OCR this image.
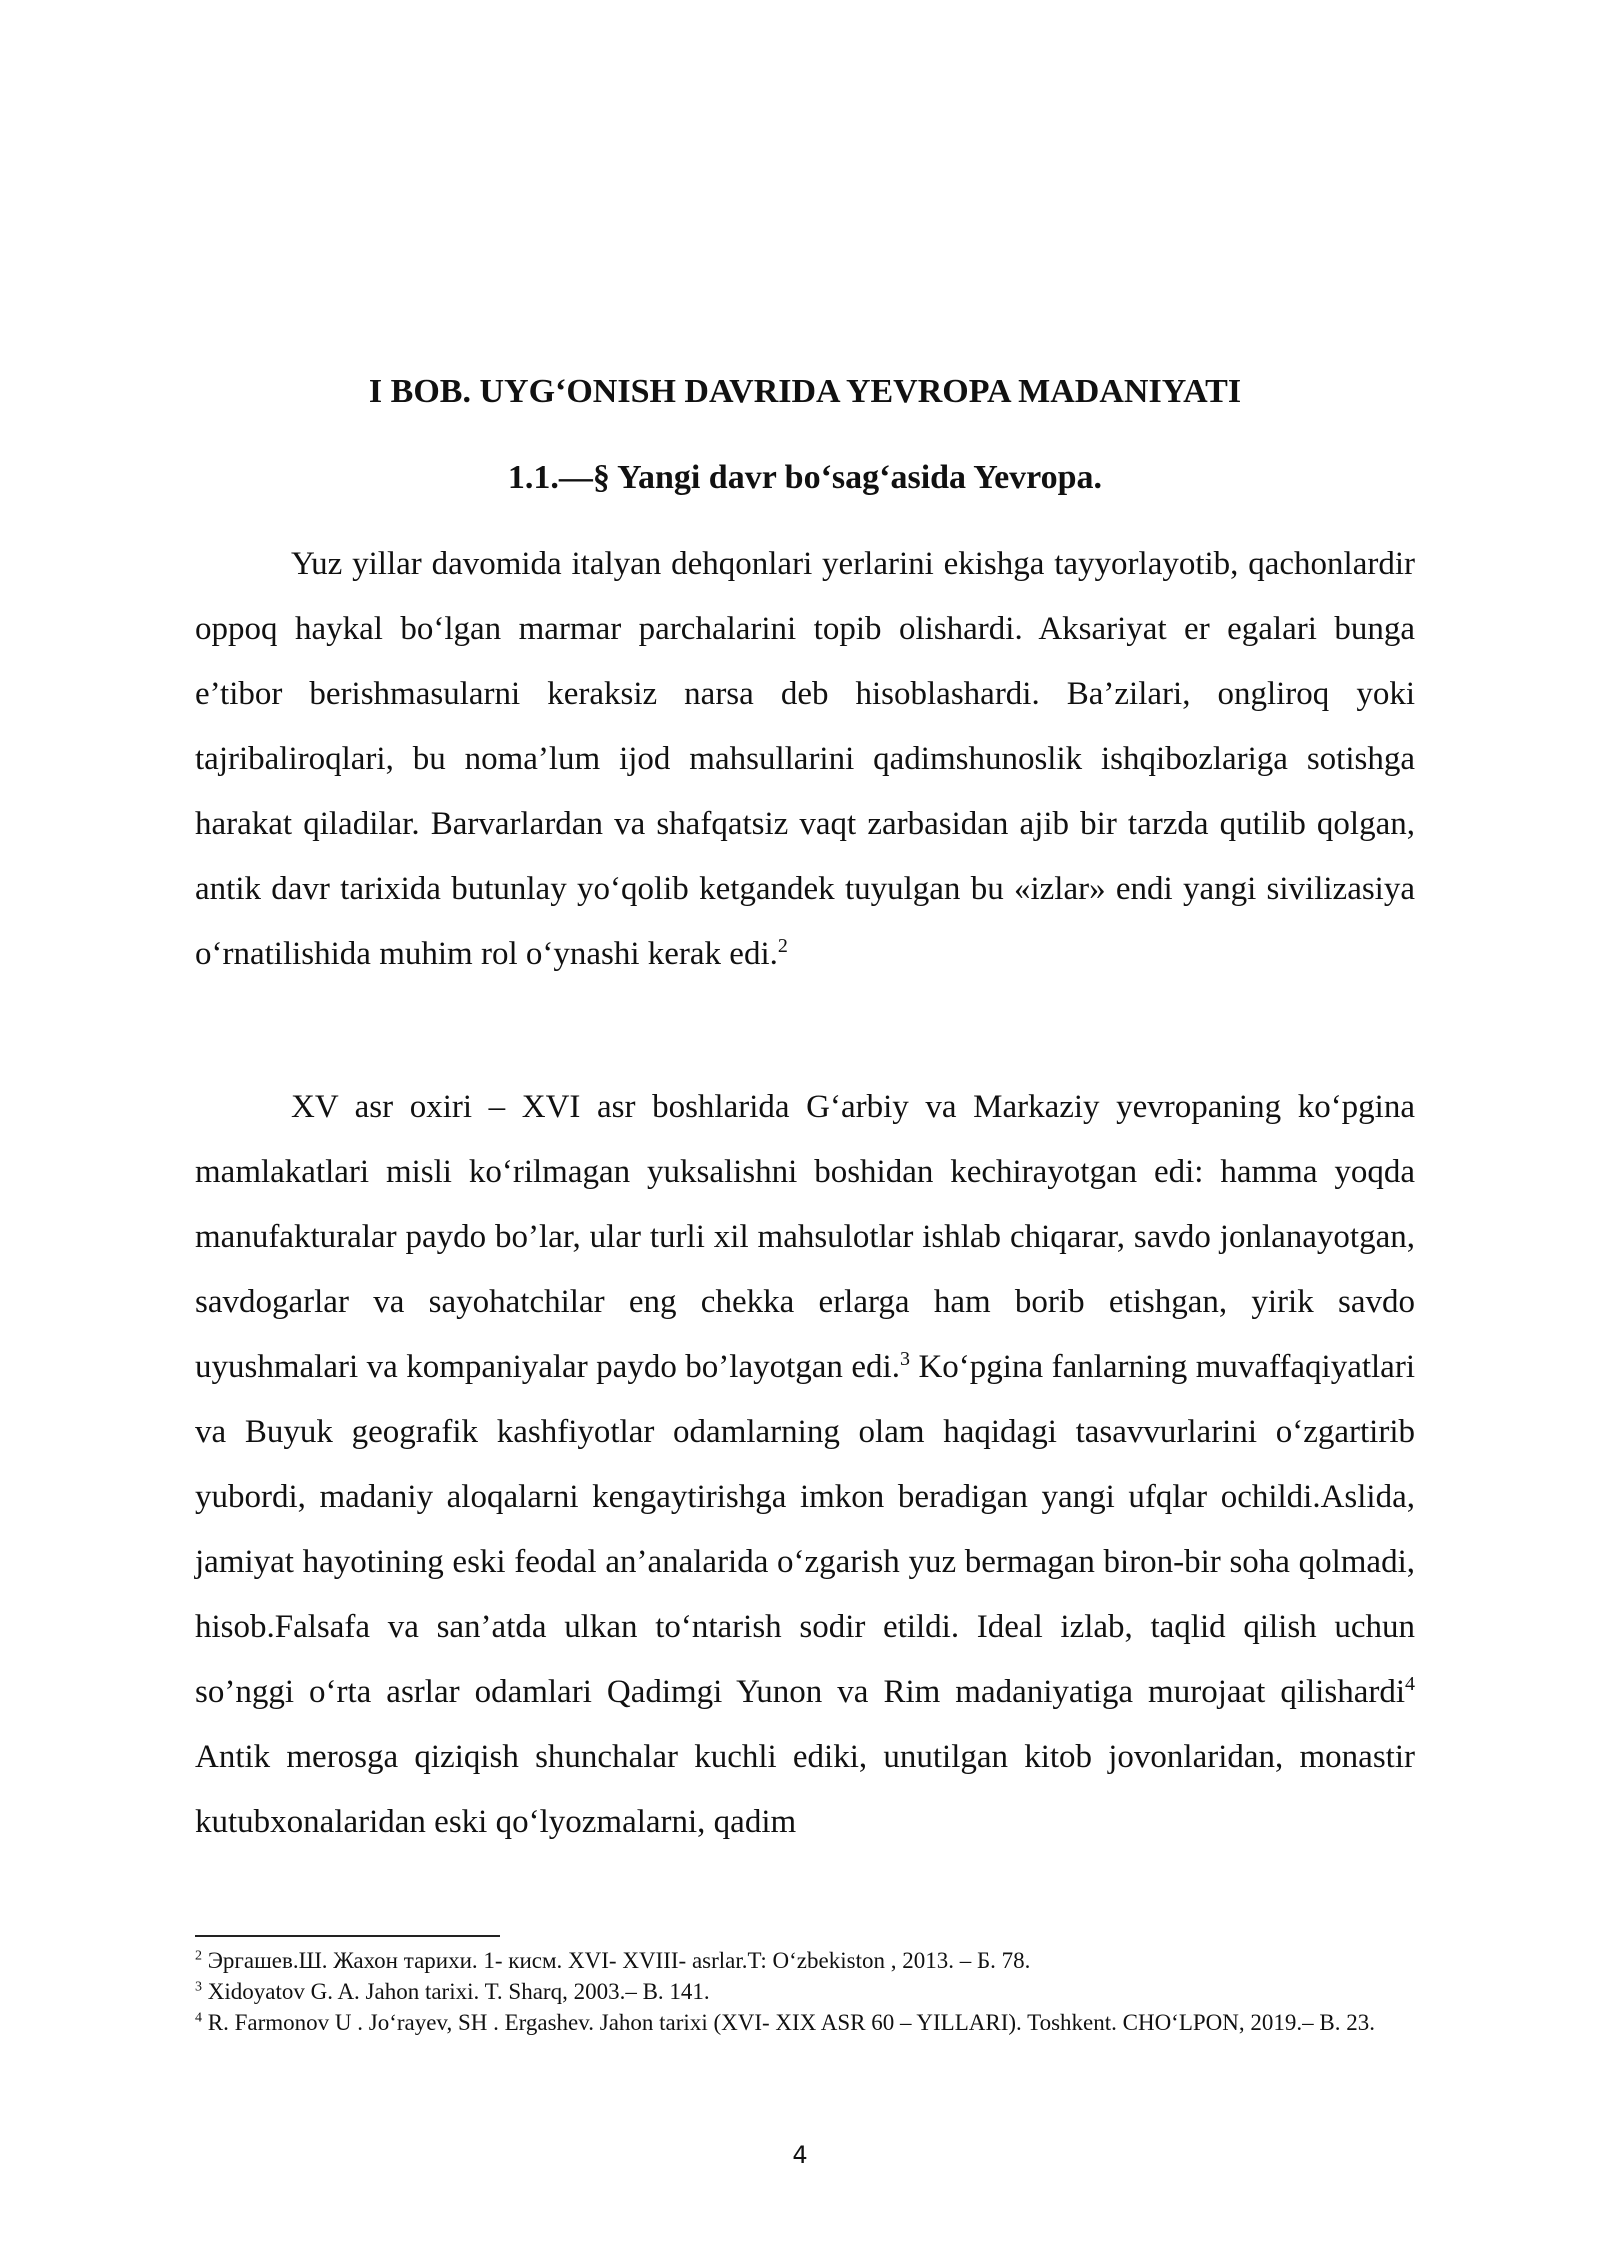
I BOB. UYG‘ONISH DAVRIDA YEVROPA MADANIYATI
1.1.—§ Yangi davr bo‘sag‘asida Yevropa.

Yuz yillar davomida italyan dehqonlari yerlarini ekishga tayyorlayotib, qachonlardir oppoq haykal bo‘lgan marmar parchalarini topib olishardi. Aksariyat er egalari bunga e’tibor berishmasularni keraksiz narsa deb hisoblashardi. Ba’zilari, ongliroq yoki tajribaliroqlari, bu noma’lum ijod mahsullarini qadimshunoslik ishqibozlariga sotishga harakat qiladilar. Barvarlardan va shafqatsiz vaqt zarbasidan ajib bir tarzda qutilib qolgan, antik davr tarixida butunlay yo‘qolib ketgandek tuyulgan bu «izlar» endi yangi sivilizasiya o‘rnatilishida muhim rol o‘ynashi kerak edi.$^2$

XV asr oxiri – XVI asr boshlarida G‘arbiy va Markaziy yevropaning ko‘pgina mamlakatlari misli ko‘rilmagan yuksalishni boshidan kechirayotgan edi: hamma yoqda manufakturalar paydo bo’lar, ular turli xil mahsulotlar ishlab chiqarar, savdo jonlanayotgan, savdogarlar va sayohatchilar eng chekka erlarga ham borib etishgan, yirik savdo uyushmalari va kompaniyalar paydo bo’layotgan edi.$^3$ Ko‘pgina fanlarning muvaffaqiyatlari va Buyuk geografik kashfiyotlar odamlarning olam haqidagi tasavvurlarini o‘zgartirib yubordi, madaniy aloqalarni kengaytirishga imkon beradigan yangi ufqlar ochildi.Aslida, jamiyat hayotining eski feodal an’analarida o‘zgarish yuz bermagan biron-bir soha qolmadi, hisob.Falsafa va san’atda ulkan to‘ntarish sodir etildi. Ideal izlab, taqlid qilish uchun so’nggi o‘rta asrlar odamlari Qadimgi Yunon va Rim madaniyatiga murojaat qilishardi$^4$ Antik merosga qiziqish shunchalar kuchli ediki, unutilgan kitob jovonlaridan, monastir kutubxonalaridan eski qo‘lyozmalarni, qadim

$^2$ Эргашев.Ш. Жахон тарихи. 1- кисм. XVI- XVIII- asrlar.T: O‘zbekiston , 2013. – Б. 78.

$^3$ Xidoyatov G. A. Jahon tarixi. T. Sharq, 2003.– B. 141.

$^4$ R. Farmonov U . Jo‘rayev, SH . Ergashev. Jahon tarixi (XVI- XIX ASR 60 – YILLARI). Toshkent. CHO‘LPON, 2019.– B. 23.

4
